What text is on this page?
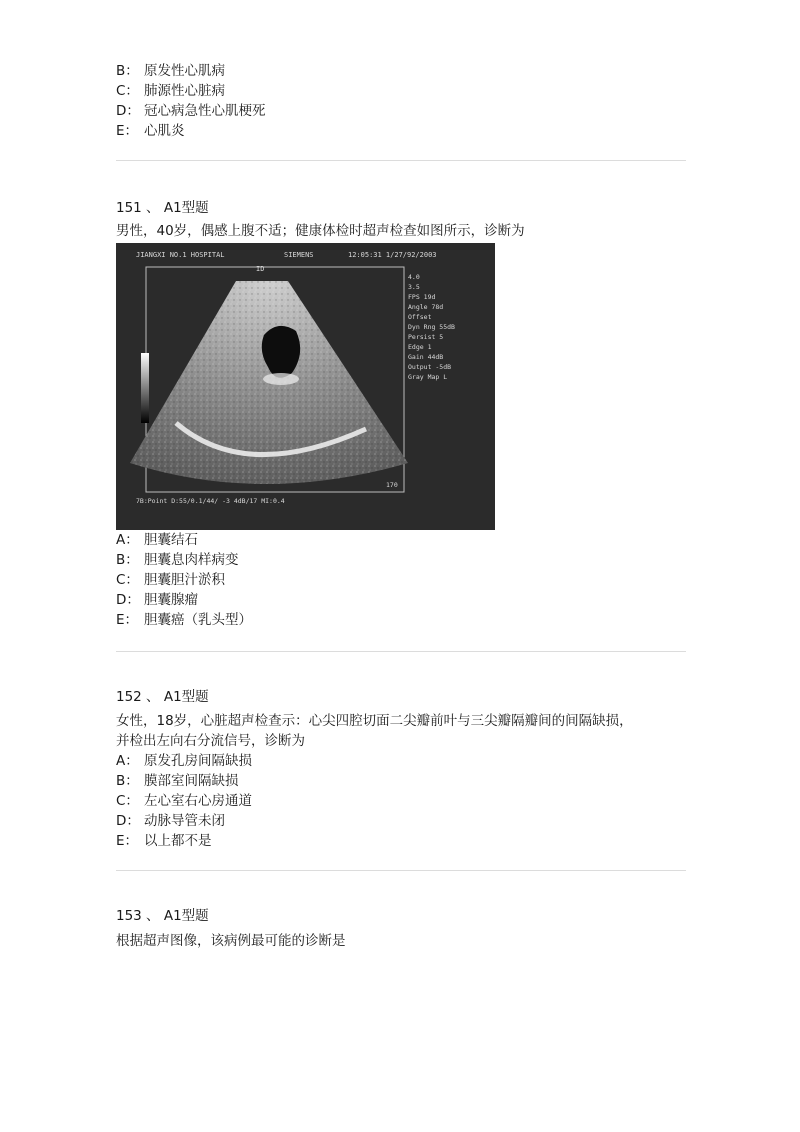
B： 原发性心肌病
C： 肺源性心脏病
D： 冠心病急性心肌梗死
E： 心肌炎
151 、 A1型题
男性，40岁，偶感上腹不适；健康体检时超声检查如图所示，诊断为
JIANGXI NO.1 HOSPITAL	SIEMENS
ID
12:05:31 1/27/92/2003
4.0
3.5
FPS 19d
Angle 78d
Offset
Dyn Rng 55dB
Persist 5
Edge 1
Gain 44dB
Output -5dB
Gray Map L
170
7B:Point D:55/0.1/44/ -3 4dB/17 MI:0.4
A： 胆囊结石
B： 胆囊息肉样病变
C： 胆囊胆汁淤积
D： 胆囊腺瘤
E： 胆囊癌（乳头型）
152 、 A1型题
女性，18岁，心脏超声检查示：心尖四腔切面二尖瓣前叶与三尖瓣隔瓣间的间隔缺损，
并检出左向右分流信号，诊断为
A： 原发孔房间隔缺损
B： 膜部室间隔缺损
C： 左心室右心房通道
D： 动脉导管未闭
E： 以上都不是
153 、 A1型题
根据超声图像，该病例最可能的诊断是
